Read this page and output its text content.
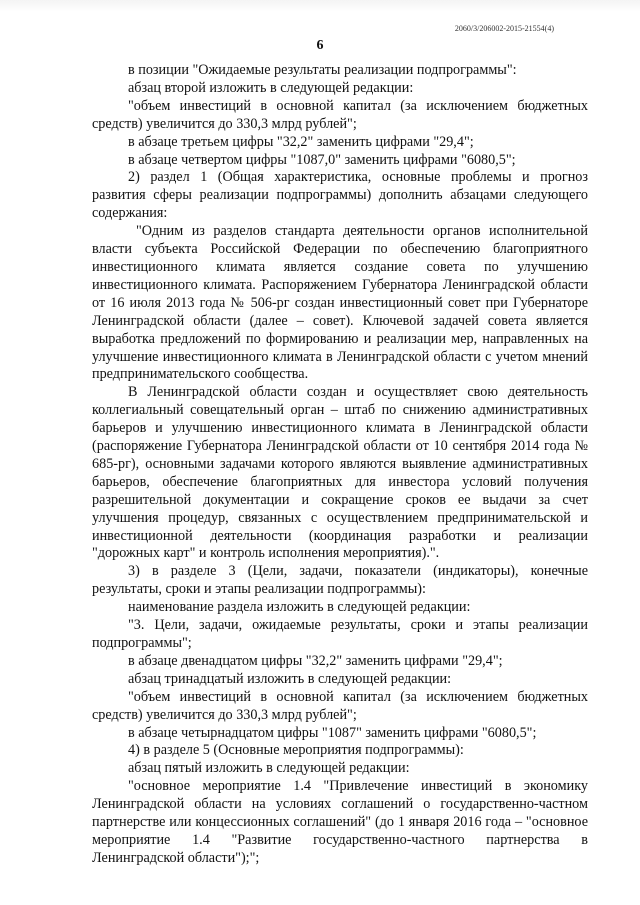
2060/3/206002-2015-21554(4)
6

в позиции "Ожидаемые результаты реализации подпрограммы":

абзац второй изложить в следующей редакции:

"объем инвестиций в основной капитал (за исключением бюджетных средств) увеличится до 330,3 млрд рублей";

в абзаце третьем цифры "32,2" заменить цифрами "29,4";

в абзаце четвертом цифры "1087,0" заменить цифрами "6080,5";

2) раздел 1 (Общая характеристика, основные проблемы и прогноз развития сферы реализации подпрограммы) дополнить абзацами следующего содержания:

"Одним из разделов стандарта деятельности органов исполнительной власти субъекта Российской Федерации по обеспечению благоприятного инвестиционного климата является создание совета по улучшению инвестиционного климата. Распоряжением Губернатора Ленинградской области от 16 июля 2013 года № 506-рг создан инвестиционный совет при Губернаторе Ленинградской области (далее – совет). Ключевой задачей совета является выработка предложений по формированию и реализации мер, направленных на улучшение инвестиционного климата в Ленинградской области с учетом мнений предпринимательского сообщества.

В Ленинградской области создан и осуществляет свою деятельность коллегиальный совещательный орган – штаб по снижению административных барьеров и улучшению инвестиционного климата в Ленинградской области (распоряжение Губернатора Ленинградской области от 10 сентября 2014 года № 685-рг), основными задачами которого являются выявление административных барьеров, обеспечение благоприятных для инвестора условий получения разрешительной документации и сокращение сроков ее выдачи за счет улучшения процедур, связанных с осуществлением предпринимательской и инвестиционной деятельности (координация разработки и реализации "дорожных карт" и контроль исполнения мероприятия).".

3) в разделе 3 (Цели, задачи, показатели (индикаторы), конечные результаты, сроки и этапы реализации подпрограммы):

наименование раздела изложить в следующей редакции:

"3. Цели, задачи, ожидаемые результаты, сроки и этапы реализации подпрограммы";

в абзаце двенадцатом цифры "32,2" заменить цифрами "29,4";

абзац тринадцатый изложить в следующей редакции:

"объем инвестиций в основной капитал (за исключением бюджетных средств) увеличится до 330,3 млрд рублей";

в абзаце четырнадцатом цифры "1087" заменить цифрами "6080,5";

4) в разделе 5 (Основные мероприятия подпрограммы):

абзац пятый изложить в следующей редакции:

"основное мероприятие 1.4 "Привлечение инвестиций в экономику Ленинградской области на условиях соглашений о государственно-частном партнерстве или концессионных соглашений" (до 1 января 2016 года – "основное мероприятие 1.4 "Развитие государственно-частного партнерства в Ленинградской области");";
